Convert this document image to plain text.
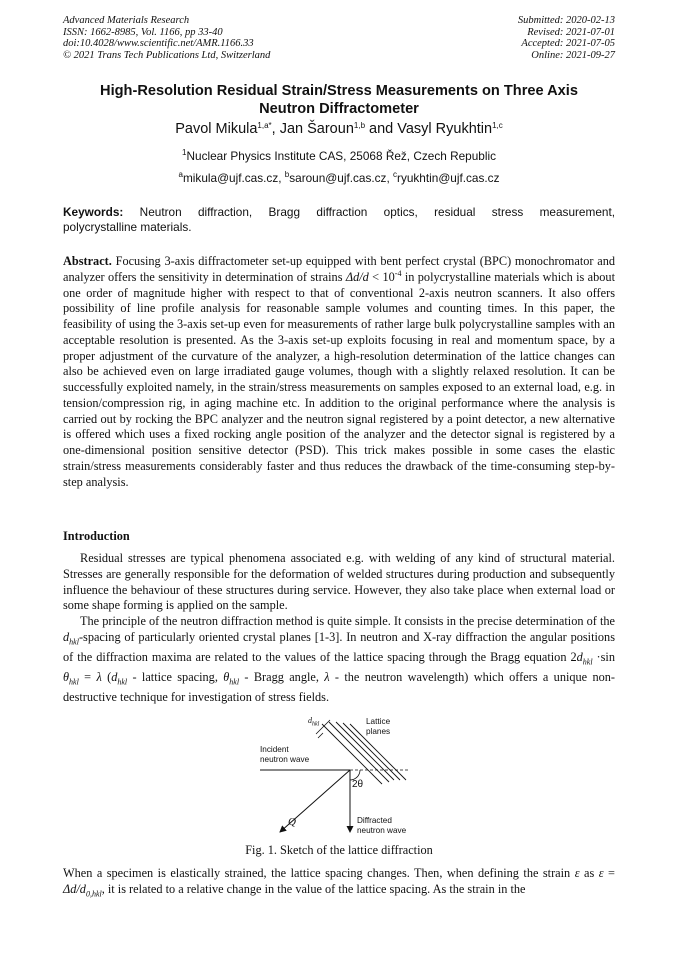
Advanced Materials Research
ISSN: 1662-8985, Vol. 1166, pp 33-40
doi:10.4028/www.scientific.net/AMR.1166.33
© 2021 Trans Tech Publications Ltd, Switzerland
Submitted: 2020-02-13
Revised: 2021-07-01
Accepted: 2021-07-05
Online: 2021-09-27
High-Resolution Residual Strain/Stress Measurements on Three Axis
Neutron Diffractometer
Pavol Mikula$^{1,a*}$, Jan Šaroun$^{1,b}$ and Vasyl Ryukhtin$^{1,c}$
$^1$Nuclear Physics Institute CAS, 25068 Řež, Czech Republic
$^a$mikula@ujf.cas.cz, $^b$saroun@ujf.cas.cz, $^c$ryukhtin@ujf.cas.cz
Keywords: Neutron diffraction, Bragg diffraction optics, residual stress measurement,
polycrystalline materials.
Abstract. Focusing 3-axis diffractometer set-up equipped with bent perfect crystal (BPC) monochromator and analyzer offers the sensitivity in determination of strains $\Delta d/d < 10^{-4}$ in polycrystalline materials which is about one order of magnitude higher with respect to that of conventional 2-axis neutron scanners. It also offers possibility of line profile analysis for reasonable sample volumes and counting times. In this paper, the feasibility of using the 3-axis set-up even for measurements of rather large bulk polycrystalline samples with an acceptable resolution is presented. As the 3-axis set-up exploits focusing in real and momentum space, by a proper adjustment of the curvature of the analyzer, a high-resolution determination of the lattice changes can also be achieved even on large irradiated gauge volumes, though with a slightly relaxed resolution. It can be successfully exploited namely, in the strain/stress measurements on samples exposed to an external load, e.g. in tension/compression rig, in aging machine etc. In addition to the original performance where the analysis is carried out by rocking the BPC analyzer and the neutron signal registered by a point detector, a new alternative is offered which uses a fixed rocking angle position of the analyzer and the detector signal is registered by a one-dimensional position sensitive detector (PSD). This trick makes possible in some cases the elastic strain/stress measurements considerably faster and thus reduces the drawback of the time-consuming step-by-step analysis.
Introduction

Residual stresses are typical phenomena associated e.g. with welding of any kind of structural material. Stresses are generally responsible for the deformation of welded structures during production and subsequently influence the behaviour of these structures during service. However, they also take place when external load or some shape forming is applied on the sample.

The principle of the neutron diffraction method is quite simple. It consists in the precise determination of the $d_{hkl}$-spacing of particularly oriented crystal planes [1-3]. In neutron and X-ray diffraction the angular positions of the diffraction maxima are related to the values of the lattice spacing through the Bragg equation $2d_{hkl} \cdot\sin$ $\theta_{hkl} = \lambda$ ($d_{hkl}$ - lattice spacing, $\theta_{hkl}$ - Bragg angle, λ - the neutron wavelength) which offers a unique non-destructive technique for investigation of stress fields.

Lattice
planes
Incident
neutron wave
2θ
Diffracted
neutron wave
Q
$d_{hkl}$
Fig. 1. Sketch of the lattice diffraction
When a specimen is elastically strained, the lattice spacing changes. Then, when defining the strain ε as $\varepsilon = \Delta d/d_{0,hkl}$, it is related to a relative change in the value of the lattice spacing. As the strain in the
